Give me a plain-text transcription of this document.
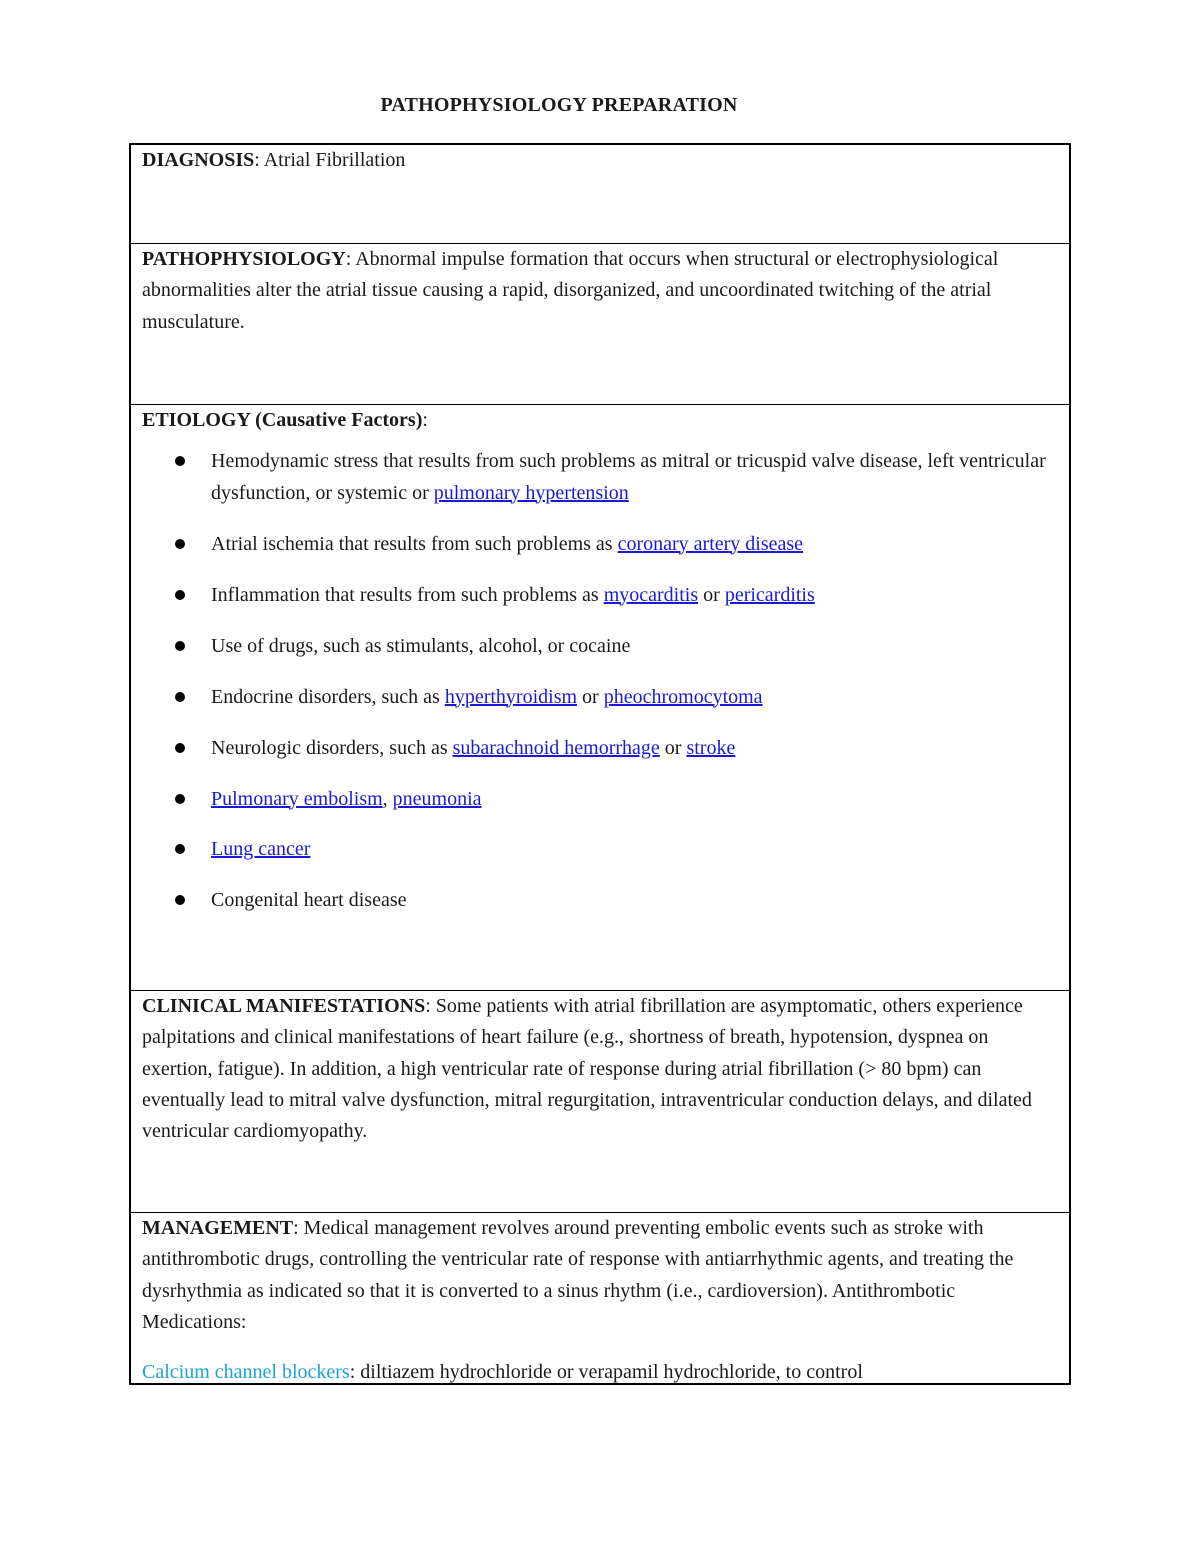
PATHOPHYSIOLOGY PREPARATION

DIAGNOSIS: Atrial Fibrillation

PATHOPHYSIOLOGY: Abnormal impulse formation that occurs when structural or electrophysiological abnormalities alter the atrial tissue causing a rapid, disorganized, and uncoordinated twitching of the atrial musculature.

ETIOLOGY (Causative Factors):

Hemodynamic stress that results from such problems as mitral or tricuspid valve disease, left ventricular dysfunction, or systemic or pulmonary hypertension
Atrial ischemia that results from such problems as coronary artery disease
Inflammation that results from such problems as myocarditis or pericarditis
Use of drugs, such as stimulants, alcohol, or cocaine
Endocrine disorders, such as hyperthyroidism or pheochromocytoma
Neurologic disorders, such as subarachnoid hemorrhage or stroke
Pulmonary embolism, pneumonia
Lung cancer
Congenital heart disease

CLINICAL MANIFESTATIONS: Some patients with atrial fibrillation are asymptomatic, others experience palpitations and clinical manifestations of heart failure (e.g., shortness of breath, hypotension, dyspnea on exertion, fatigue). In addition, a high ventricular rate of response during atrial fibrillation (> 80 bpm) can eventually lead to mitral valve dysfunction, mitral regurgitation, intraventricular conduction delays, and dilated ventricular cardiomyopathy.

MANAGEMENT: Medical management revolves around preventing embolic events such as stroke with antithrombotic drugs, controlling the ventricular rate of response with antiarrhythmic agents, and treating the dysrhythmia as indicated so that it is converted to a sinus rhythm (i.e., cardioversion). Antithrombotic Medications:

Calcium channel blockers: diltiazem hydrochloride or verapamil hydrochloride, to control
